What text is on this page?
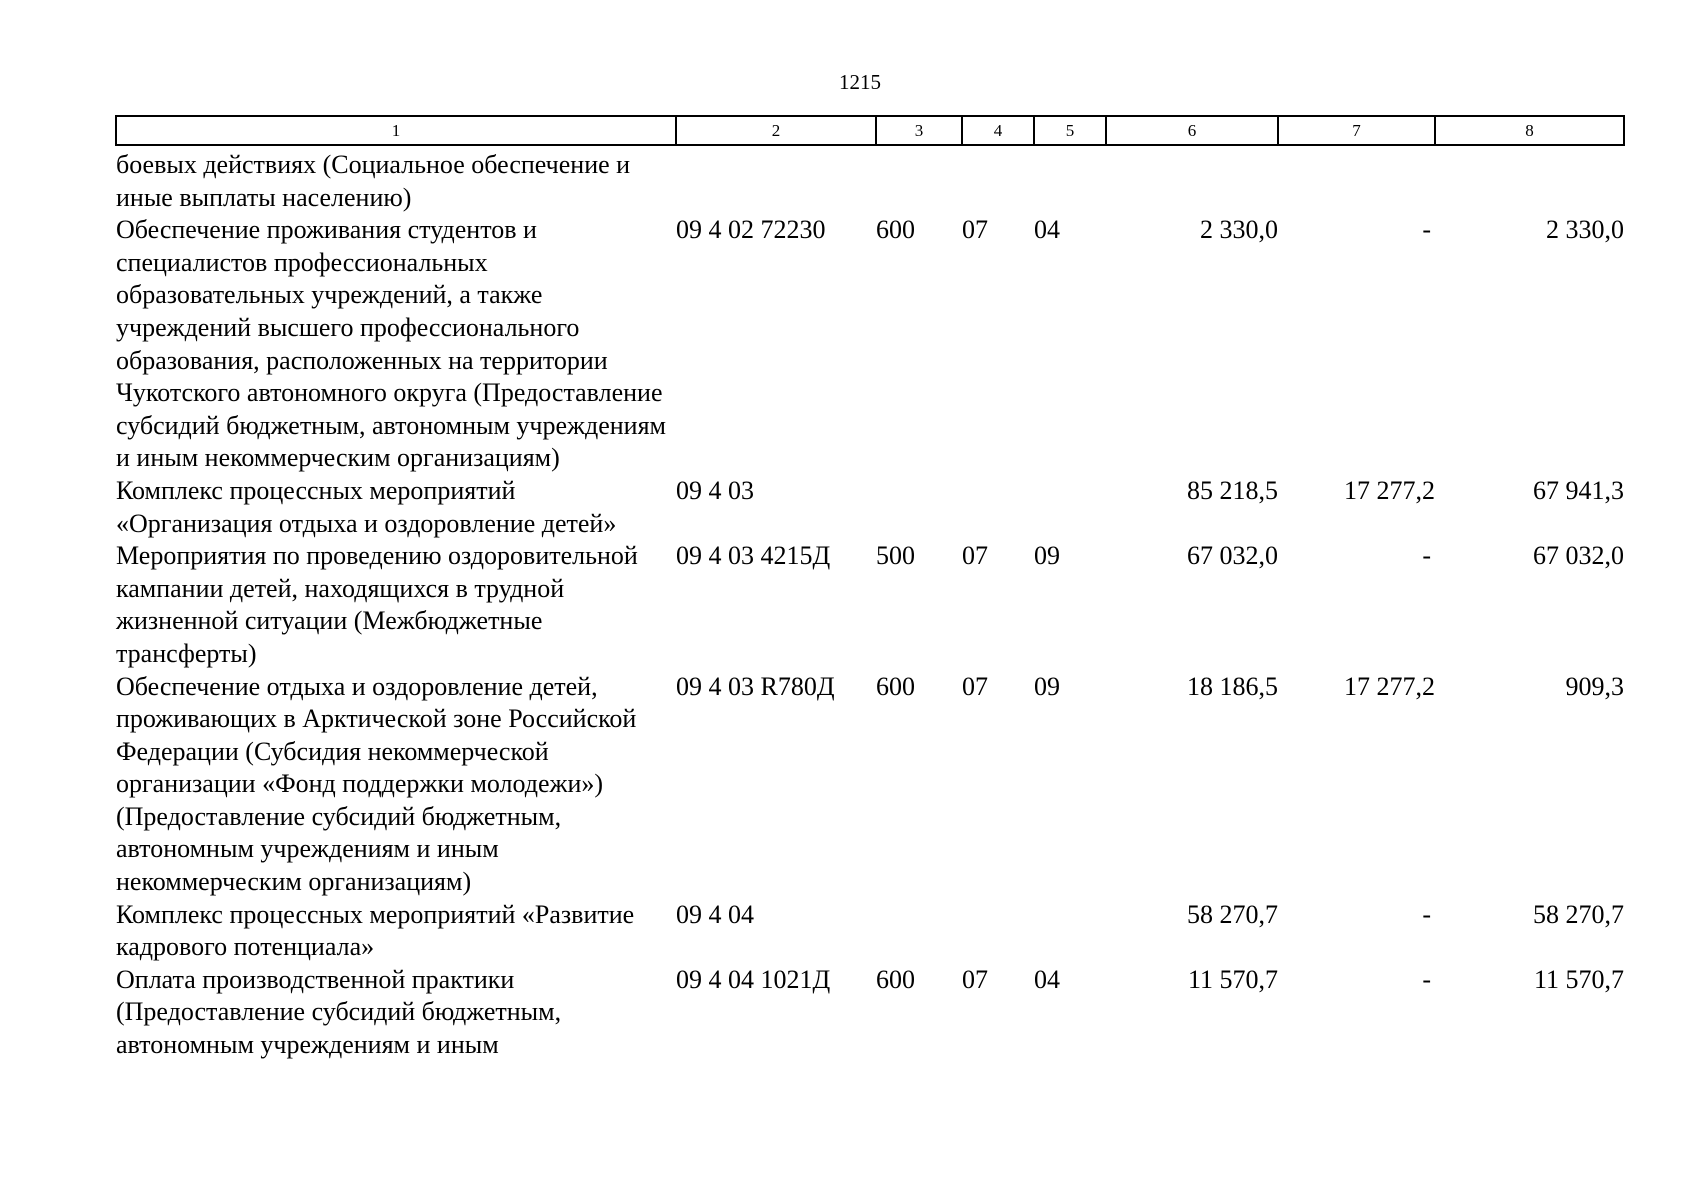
1215
1	2	3	4	5	6	7	8
боевых действиях (Социальное обеспечение и иные выплаты населению)							
Обеспечение проживания студентов и специалистов профессиональных образовательных учреждений, а также учреждений высшего профессионального образования, расположенных на территории Чукотского автономного округа (Предоставление субсидий бюджетным, автономным учреждениям и иным некоммерческим организациям)	09 4 02 72230	600	07	04	2 330,0	-	2 330,0
Комплекс процессных мероприятий «Организация отдыха и оздоровление детей»	09 4 03				85 218,5	17 277,2	67 941,3
Мероприятия по проведению оздоровительной кампании детей, находящихся в трудной жизненной ситуации (Межбюджетные трансферты)	09 4 03 4215Д	500	07	09	67 032,0	-	67 032,0
Обеспечение отдыха и оздоровление детей, проживающих в Арктической зоне Российской Федерации (Субсидия некоммерческой организации «Фонд поддержки молодежи») (Предоставление субсидий бюджетным, автономным учреждениям и иным некоммерческим организациям)	09 4 03 R780Д	600	07	09	18 186,5	17 277,2	909,3
Комплекс процессных мероприятий «Развитие кадрового потенциала»	09 4 04				58 270,7	-	58 270,7
Оплата производственной практики (Предоставление субсидий бюджетным, автономным учреждениям и иным	09 4 04 1021Д	600	07	04	11 570,7	-	11 570,7
